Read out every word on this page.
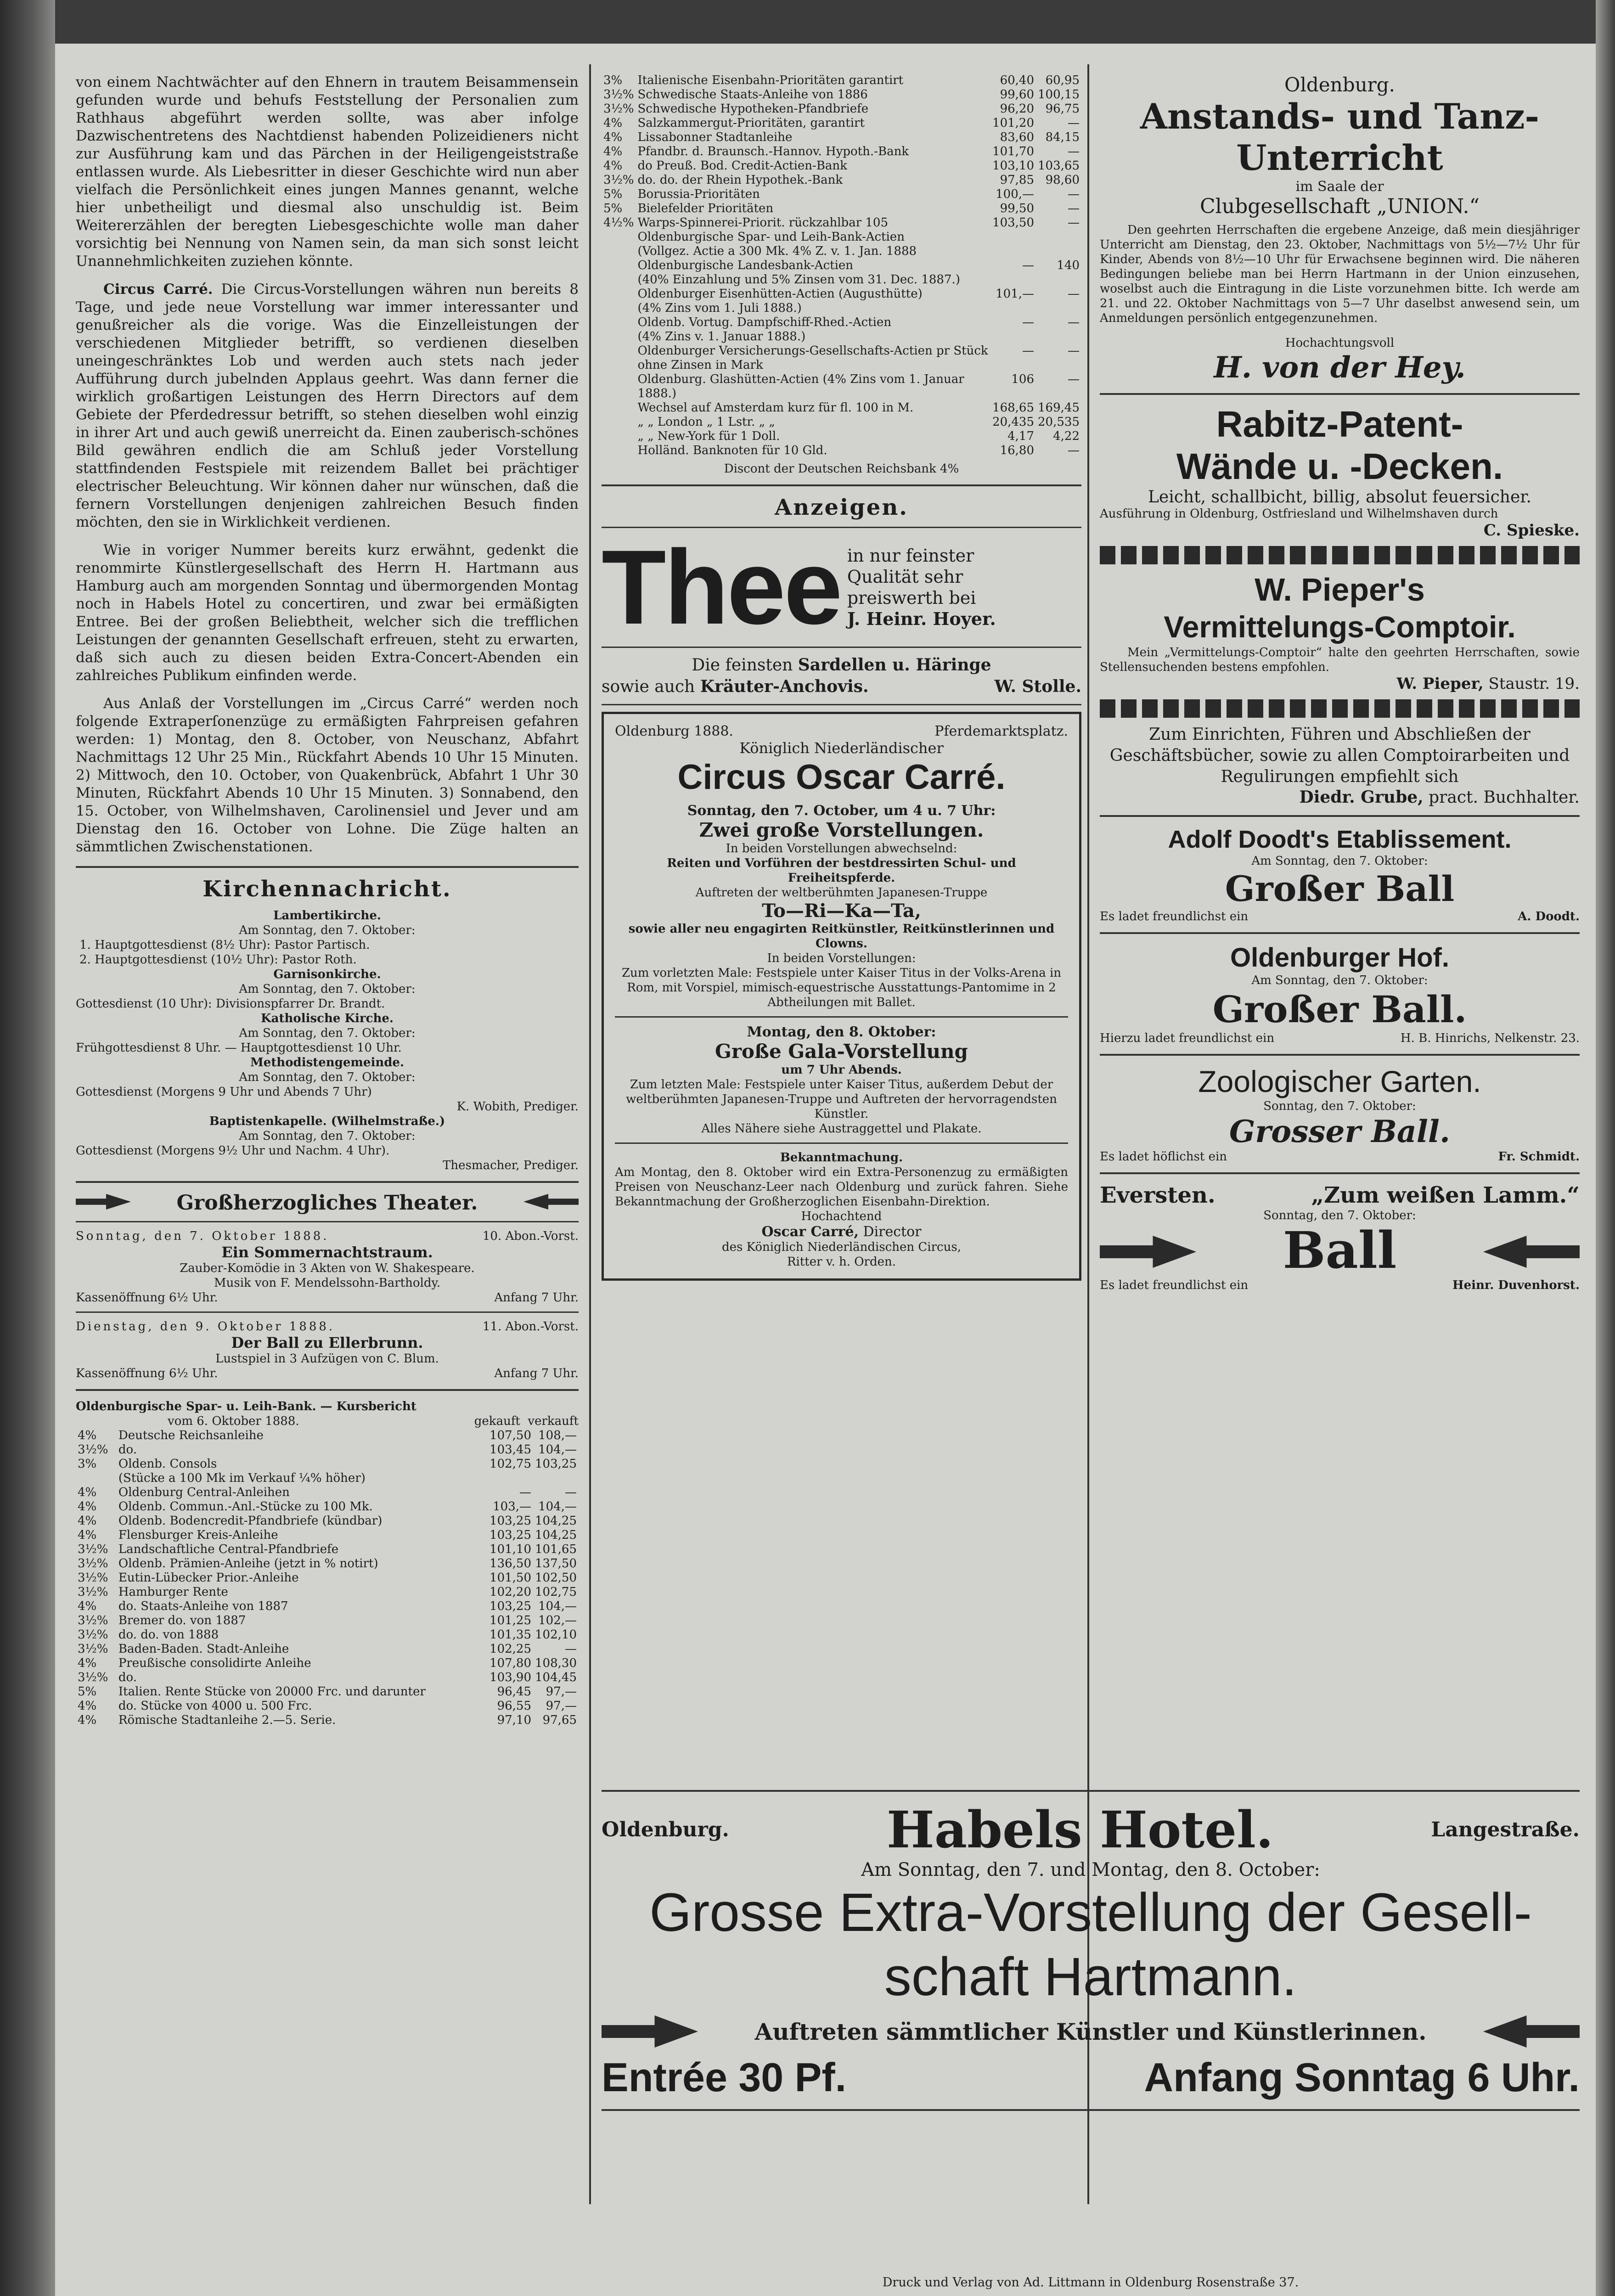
von einem Nachtwächter auf den Ehnern in trautem Beisammensein gefunden wurde und behufs Feststellung der Personalien zum Rathhaus abgeführt werden sollte, was aber infolge Dazwischentretens des Nachtdienst habenden Polizeidieners nicht zur Ausführung kam und das Pärchen in der Heiligengeiststraße entlassen wurde. Als Liebesritter in dieser Geschichte wird nun aber vielfach die Persönlichkeit eines jungen Mannes genannt, welche hier unbetheiligt und diesmal also unschuldig ist. Beim Weitererzählen der beregten Liebesgeschichte wolle man daher vorsichtig bei Nennung von Namen sein, da man sich sonst leicht Unannehmlichkeiten zuziehen könnte.

Circus Carré. Die Circus-Vorstellungen währen nun bereits 8 Tage, und jede neue Vorstellung war immer interessanter und genußreicher als die vorige. Was die Einzelleistungen der verschiedenen Mitglieder betrifft, so verdienen dieselben uneingeschränktes Lob und werden auch stets nach jeder Aufführung durch jubelnden Applaus geehrt. Was dann ferner die wirklich großartigen Leistungen des Herrn Directors auf dem Gebiete der Pferdedressur betrifft, so stehen dieselben wohl einzig in ihrer Art und auch gewiß unerreicht da. Einen zauberisch-schönes Bild gewähren endlich die am Schluß jeder Vorstellung stattfindenden Festspiele mit reizendem Ballet bei prächtiger electrischer Beleuchtung. Wir können daher nur wünschen, daß die fernern Vorstellungen denjenigen zahlreichen Besuch finden möchten, den sie in Wirklichkeit verdienen.

Wie in voriger Nummer bereits kurz erwähnt, gedenkt die renommirte Künstlergesellschaft des Herrn H. Hartmann aus Hamburg auch am morgenden Sonntag und übermorgenden Montag noch in Habels Hotel zu concertiren, und zwar bei ermäßigten Entree. Bei der großen Beliebtheit, welcher sich die trefflichen Leistungen der genannten Gesellschaft erfreuen, steht zu erwarten, daß sich auch zu diesen beiden Extra-Concert-Abenden ein zahlreiches Publikum einfinden werde.

Aus Anlaß der Vorstellungen im „Circus Carré“ werden noch folgende Extraperſonenzüge zu ermäßigten Fahrpreisen gefahren werden: 1) Montag, den 8. October, von Neuschanz, Abfahrt Nachmittags 12 Uhr 25 Min., Rückfahrt Abends 10 Uhr 15 Minuten. 2) Mittwoch, den 10. October, von Quakenbrück, Abfahrt 1 Uhr 30 Minuten, Rückfahrt Abends 10 Uhr 15 Minuten. 3) Sonnabend, den 15. October, von Wilhelmshaven, Carolinensiel und Jever und am Dienstag den 16. October von Lohne. Die Züge halten an sämmtlichen Zwischenstationen.

Kirchennachricht.
Lambertikirche.
Am Sonntag, den 7. Oktober:
1. Hauptgottesdienst (8½ Uhr): Pastor Partisch.
2. Hauptgottesdienst (10½ Uhr): Pastor Roth.
Garnisonkirche.
Am Sonntag, den 7. Oktober:
Gottesdienst (10 Uhr): Divisionspfarrer Dr. Brandt.
Katholische Kirche.
Am Sonntag, den 7. Oktober:
Frühgottesdienst 8 Uhr. — Hauptgottesdienst 10 Uhr.
Methodistengemeinde.
Am Sonntag, den 7. Oktober:
Gottesdienst (Morgens 9 Uhr und Abends 7 Uhr)
K. Wobith, Prediger.
Baptistenkapelle. (Wilhelmstraße.)
Am Sonntag, den 7. Oktober:
Gottesdienst (Morgens 9½ Uhr und Nachm. 4 Uhr).
Thesmacher, Prediger.
Großherzogliches Theater.
Sonntag, den 7. Oktober 1888.	10. Abon.-Vorst.
Ein Sommernachtstraum.
Zauber-Komödie in 3 Akten von W. Shakespeare.
Musik von F. Mendelssohn-Bartholdy.
Kassenöffnung 6½ Uhr.	Anfang 7 Uhr.
Dienstag, den 9. Oktober 1888.	11. Abon.-Vorst.
Der Ball zu Ellerbrunn.
Lustspiel in 3 Aufzügen von C. Blum.
Kassenöffnung 6½ Uhr.	Anfang 7 Uhr.
Oldenburgische Spar- u. Leih-Bank. — Kursbericht
vom 6. Oktober 1888.	gekauft verkauft
4%	Deutsche Reichsanleihe	107,50	108,—
3½%	do.	103,45	104,—
3%	Oldenb. Consols	102,75	103,25
	(Stücke a 100 Mk im Verkauf ¼% höher)		
4%	Oldenburg Central-Anleihen	—	—
4%	Oldenb. Commun.-Anl.-Stücke zu 100 Mk.	103,—	104,—
4%	Oldenb. Bodencredit-Pfandbriefe (kündbar)	103,25	104,25
4%	Flensburger Kreis-Anleihe	103,25	104,25
3½%	Landschaftliche Central-Pfandbriefe	101,10	101,65
3½%	Oldenb. Prämien-Anleihe (jetzt in % notirt)	136,50	137,50
3½%	Eutin-Lübecker Prior.-Anleihe	101,50	102,50
3½%	Hamburger Rente	102,20	102,75
4%	do. Staats-Anleihe von 1887	103,25	104,—
3½%	Bremer do. von 1887	101,25	102,—
3½%	do. do. von 1888	101,35	102,10
3½%	Baden-Baden. Stadt-Anleihe	102,25	—
4%	Preußische consolidirte Anleihe	107,80	108,30
3½%	do.	103,90	104,45
5%	Italien. Rente Stücke von 20000 Frc. und darunter	96,45	97,—
4%	do. Stücke von 4000 u. 500 Frc.	96,55	97,—
4%	Römische Stadtanleihe 2.—5. Serie.	97,10	97,65
3%	Italienische Eisenbahn-Prioritäten garantirt	60,40	60,95
3½%	Schwedische Staats-Anleihe von 1886	99,60	100,15
3½%	Schwedische Hypotheken-Pfandbriefe	96,20	96,75
4%	Salzkammergut-Prioritäten, garantirt	101,20	—
4%	Lissabonner Stadtanleihe	83,60	84,15
4%	Pfandbr. d. Braunsch.-Hannov. Hypoth.-Bank	101,70	—
4%	do Preuß. Bod. Credit-Actien-Bank	103,10	103,65
3½%	do. do. der Rhein Hypothek.-Bank	97,85	98,60
5%	Borussia-Prioritäten	100,—	—
5%	Bielefelder Prioritäten	99,50	—
4½%	Warps-Spinnerei-Priorit. rückzahlbar 105	103,50	—
	Oldenburgische Spar- und Leih-Bank-Actien		
	(Vollgez. Actie a 300 Mk. 4% Z. v. 1. Jan. 1888		
	Oldenburgische Landesbank-Actien	—	140
	(40% Einzahlung und 5% Zinsen vom 31. Dec. 1887.)		
	Oldenburger Eisenhütten-Actien (Augusthütte)	101,—	—
	(4% Zins vom 1. Juli 1888.)		
	Oldenb. Vortug. Dampfschiff-Rhed.-Actien	—	—
	(4% Zins v. 1. Januar 1888.)		
	Oldenburger Versicherungs-Gesellschafts-Actien pr Stück ohne Zinsen in Mark	—	—
	Oldenburg. Glashütten-Actien (4% Zins vom 1. Januar 1888.)	106	—
	Wechsel auf Amsterdam kurz für fl. 100 in M.	168,65	169,45
	„ „ London „ 1 Lstr. „ „	20,435	20,535
	„ „ New-York für 1 Doll.	4,17	4,22
	Holländ. Banknoten für 10 Gld.	16,80	—
Discont der Deutschen Reichsbank 4%
Anzeigen.
Thee in nur feinster
Qualität sehr
preiswerth bei
J. Heinr. Hoyer.
Die feinsten Sardellen u. Häringe
sowie auch Kräuter-Anchovis.	W. Stolle.
Oldenburg 1888.	Pferdemarktsplatz.
Königlich Niederländischer
Circus Oscar Carré.
Sonntag, den 7. October, um 4 u. 7 Uhr:
Zwei große Vorstellungen.
In beiden Vorstellungen abwechselnd:
Reiten und Vorführen der bestdressirten Schul- und Freiheitspferde.
Auftreten der weltberühmten Japanesen-Truppe
To—Ri—Ka—Ta,
sowie aller neu engagirten Reitkünstler, Reitkünstlerinnen und Clowns.
In beiden Vorstellungen:
Zum vorletzten Male: Festspiele unter Kaiser Titus in der Volks-Arena in Rom, mit Vorspiel, mimisch-equestrische Ausstattungs-Pantomime in 2 Abtheilungen mit Ballet.
Montag, den 8. Oktober:
Große Gala-Vorstellung
um 7 Uhr Abends.
Zum letzten Male: Festspiele unter Kaiser Titus, außerdem Debut der weltberühmten Japanesen-Truppe und Auftreten der hervorragendsten Künstler.
Alles Nähere siehe Austraggettel und Plakate.
Bekanntmachung.
Am Montag, den 8. Oktober wird ein Extra-Personenzug zu ermäßigten Preisen von Neuschanz-Leer nach Oldenburg und zurück fahren. Siehe Bekanntmachung der Großherzoglichen Eisenbahn-Direktion.
Hochachtend
Oscar Carré, Director
des Königlich Niederländischen Circus,
Ritter v. h. Orden.
Oldenburg.
Anstands- und Tanz-
Unterricht
im Saale der
Clubgesellschaft „UNION.“

Den geehrten Herrschaften die ergebene Anzeige, daß mein diesjähriger Unterricht am Dienstag, den 23. Oktober, Nachmittags von 5½—7½ Uhr für Kinder, Abends von 8½—10 Uhr für Erwachsene beginnen wird. Die näheren Bedingungen beliebe man bei Herrn Hartmann in der Union einzusehen, woselbst auch die Eintragung in die Liste vorzunehmen bitte. Ich werde am 21. und 22. Oktober Nachmittags von 5—7 Uhr daselbst anwesend sein, um Anmeldungen persönlich entgegenzunehmen.

Hochachtungsvoll
H. von der Hey.
Rabitz-Patent-
Wände u. -Decken.
Leicht, schallbicht, billig, absolut feuersicher.
Ausführung in Oldenburg, Ostfriesland und Wilhelmshaven durch
C. Spieske.
W. Pieper's
Vermittelungs-Comptoir.
Mein „Vermittelungs-Comptoir“ halte den geehrten Herrschaften, sowie Stellensuchenden bestens empfohlen.
W. Pieper, Staustr. 19.
Zum Einrichten, Führen und Abschließen der Geschäftsbücher, sowie zu allen Comptoirarbeiten und Regulirungen empfiehlt sich
Diedr. Grube, pract. Buchhalter.
Adolf Doodt's Etablissement.
Am Sonntag, den 7. Oktober:
Großer Ball
Es ladet freundlichst ein	A. Doodt.
Oldenburger Hof.
Am Sonntag, den 7. Oktober:
Großer Ball.
Hierzu ladet freundlichst ein	H. B. Hinrichs, Nelkenstr. 23.
Zoologischer Garten.
Sonntag, den 7. Oktober:
Grosser Ball.
Es ladet höflichst ein	Fr. Schmidt.
Eversten.	„Zum weißen Lamm.“
Sonntag, den 7. Oktober:
Ball
Es ladet freundlichst ein	Heinr. Duvenhorst.
Oldenburg.	Habels Hotel.	Langestraße.
Am Sonntag, den 7. und Montag, den 8. October:
Grosse Extra-Vorstellung der Gesell-
schaft Hartmann.
Auftreten sämmtlicher Künstler und Künstlerinnen.
Entrée 30 Pf.	Anfang Sonntag 6 Uhr.
Druck und Verlag von Ad. Littmann in Oldenburg Rosenstraße 37.
